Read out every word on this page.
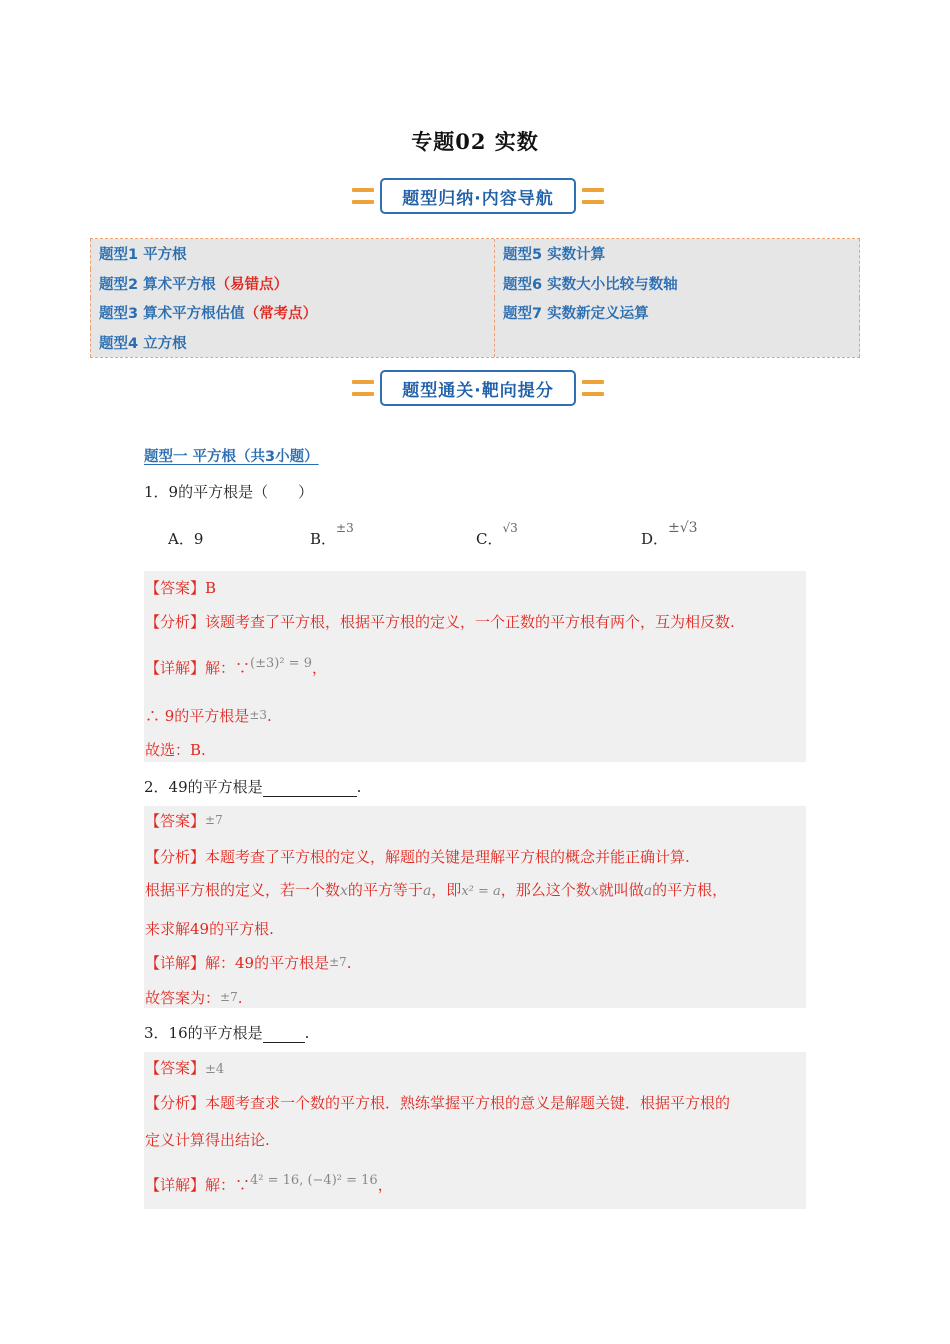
专题02 实数
题型归纳·内容导航
题型1 平方根	题型5 实数计算
题型2 算术平方根 （易错点）	题型6 实数大小比较与数轴
题型3 算术平方根估值 （常考点）	题型7 实数新定义运算
题型4 立方根
题型通关·靶向提分
题型一 平方根（共3小题）
1．9的平方根是（　　）
A．9	B．$^{\pm 3}$
C．$^{√3}$
D．±√3
【答案】B
【分析】该题考查了平方根，根据平方根的定义，一个正数的平方根有两个，互为相反数.
【详解】解：∵(±3)² = 9，
∴ 9的平方根是±3.
故选：B.
2．49的平方根是	.
【答案】±7
【分析】本题考查了平方根的定义，解题的关键是理解平方根的概念并能正确计算.
根据平方根的定义，若一个数x的平方等于a，即x² = a，那么这个数x就叫做a的平方根，
来求解49的平方根.
【详解】解：49的平方根是±7.
故答案为：±7.
3．16的平方根是	.
【答案】±4
【分析】本题考查求一个数的平方根．熟练掌握平方根的意义是解题关键．根据平方根的
定义计算得出结论.
【详解】解：∵4² = 16, (−4)² = 16，
